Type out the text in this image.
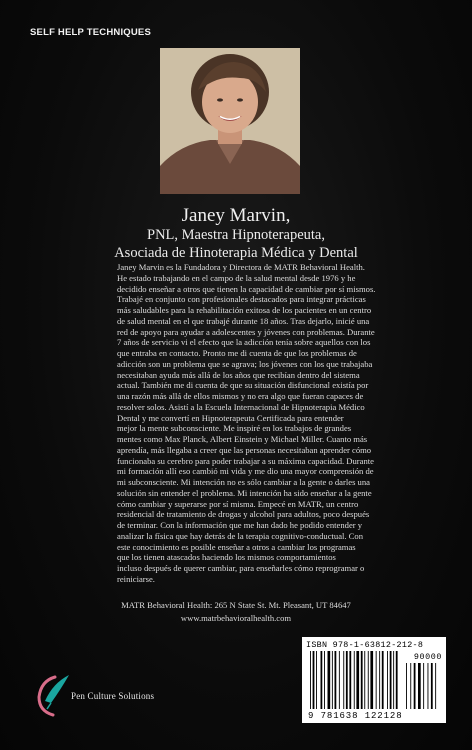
SELF HELP TECHNIQUES
Janey Marvin,
PNL, Maestra Hipnoterapeuta,
Asociada de Hinoterapia Médica y Dental

Janey Marvin es la Fundadora y Directora de MATR Behavioral Health.

He estado trabajando en el campo de la salud mental desde 1976 y he

decidido enseñar a otros que tienen la capacidad de cambiar por sí mismos.

Trabajé en conjunto con profesionales destacados para integrar prácticas

más saludables para la rehabilitación exitosa de los pacientes en un centro

de salud mental en el que trabajé durante 18 años. Tras dejarlo, inicié una

red de apoyo para ayudar a adolescentes y jóvenes con problemas. Durante

7 años de servicio vi el efecto que la adicción tenía sobre aquellos con los

que entraba en contacto. Pronto me di cuenta de que los problemas de

adicción son un problema que se agrava; los jóvenes con los que trabajaba

necesitaban ayuda más allá de los años que recibían dentro del sistema

actual. También me di cuenta de que su situación disfuncional existía por

una razón más allá de ellos mismos y no era algo que fueran capaces de

resolver solos. Asistí a la Escuela Internacional de Hipnoterapia Médico

Dental y me convertí en Hipnoterapeuta Certificada para entender

mejor la mente subconsciente. Me inspiré en los trabajos de grandes

mentes como Max Planck, Albert Einstein y Michael Miller. Cuanto más

aprendía, más llegaba a creer que las personas necesitaban aprender cómo

funcionaba su cerebro para poder trabajar a su máxima capacidad. Durante

mi formación allí eso cambió mi vida y me dio una mayor comprensión de

mi subconsciente. Mi intención no es sólo cambiar a la gente o darles una

solución sin entender el problema. Mi intención ha sido enseñar a la gente

cómo cambiar y superarse por sí misma. Empecé en MATR, un centro

residencial de tratamiento de drogas y alcohol para adultos, poco después

de terminar. Con la información que me han dado he podido entender y

analizar la física que hay detrás de la terapia cognitivo-conductual. Con

este conocimiento es posible enseñar a otros a cambiar los programas

que los tienen atascados haciendo los mismos comportamientos

incluso después de querer cambiar, para enseñarles cómo reprogramar o

reiniciarse.

MATR Behavioral Health: 265 N State St. Mt. Pleasant, UT 84647
www.matrbehavioralhealth.com
Pen Culture Solutions
ISBN 978-1-63812-212-8
90000
9 781638 122128
